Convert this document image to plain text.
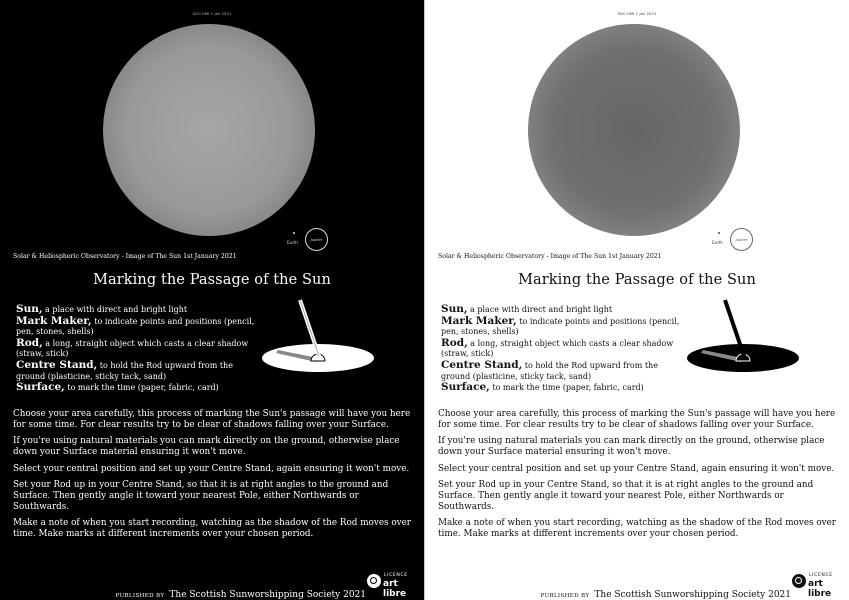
SDO HMI 1 Jan 2021
Earth
Jupiter
Solar & Heliospheric Observatory - Image of The Sun 1st January 2021
Marking the Passage of the Sun
Sun, a place with direct and bright light
Mark Maker, to indicate points and positions (pencil, pen, stones, shells)
Rod, a long, straight object which casts a clear shadow (straw, stick)
Centre Stand, to hold the Rod upward from the ground (plasticine, sticky tack, sand)
Surface, to mark the time (paper, fabric, card)

Choose your area carefully, this process of marking the Sun's passage will have you here for some time. For clear results try to be clear of shadows falling over your Surface.

If you're using natural materials you can mark directly on the ground, otherwise place down your Surface material ensuring it won't move.

Select your central position and set up your Centre Stand, again ensuring it won't move.

Set your Rod up in your Centre Stand, so that it is at right angles to the ground and Surface. Then gently angle it toward your nearest Pole, either Northwards or Southwards.

Make a note of when you start recording, watching as the shadow of the Rod moves over time. Make marks at different increments over your chosen period.

PUBLISHED BY The Scottish Sunworshipping Society 2021
LICENCE
art libre
SDO HMI 1 Jan 2021
Earth
Jupiter
Solar & Heliospheric Observatory - Image of The Sun 1st January 2021
Marking the Passage of the Sun
Sun, a place with direct and bright light
Mark Maker, to indicate points and positions (pencil, pen, stones, shells)
Rod, a long, straight object which casts a clear shadow (straw, stick)
Centre Stand, to hold the Rod upward from the ground (plasticine, sticky tack, sand)
Surface, to mark the time (paper, fabric, card)

Choose your area carefully, this process of marking the Sun's passage will have you here for some time. For clear results try to be clear of shadows falling over your Surface.

If you're using natural materials you can mark directly on the ground, otherwise place down your Surface material ensuring it won't move.

Select your central position and set up your Centre Stand, again ensuring it won't move.

Set your Rod up in your Centre Stand, so that it is at right angles to the ground and Surface. Then gently angle it toward your nearest Pole, either Northwards or Southwards.

Make a note of when you start recording, watching as the shadow of the Rod moves over time. Make marks at different increments over your chosen period.

PUBLISHED BY The Scottish Sunworshipping Society 2021
LICENCE
art libre
